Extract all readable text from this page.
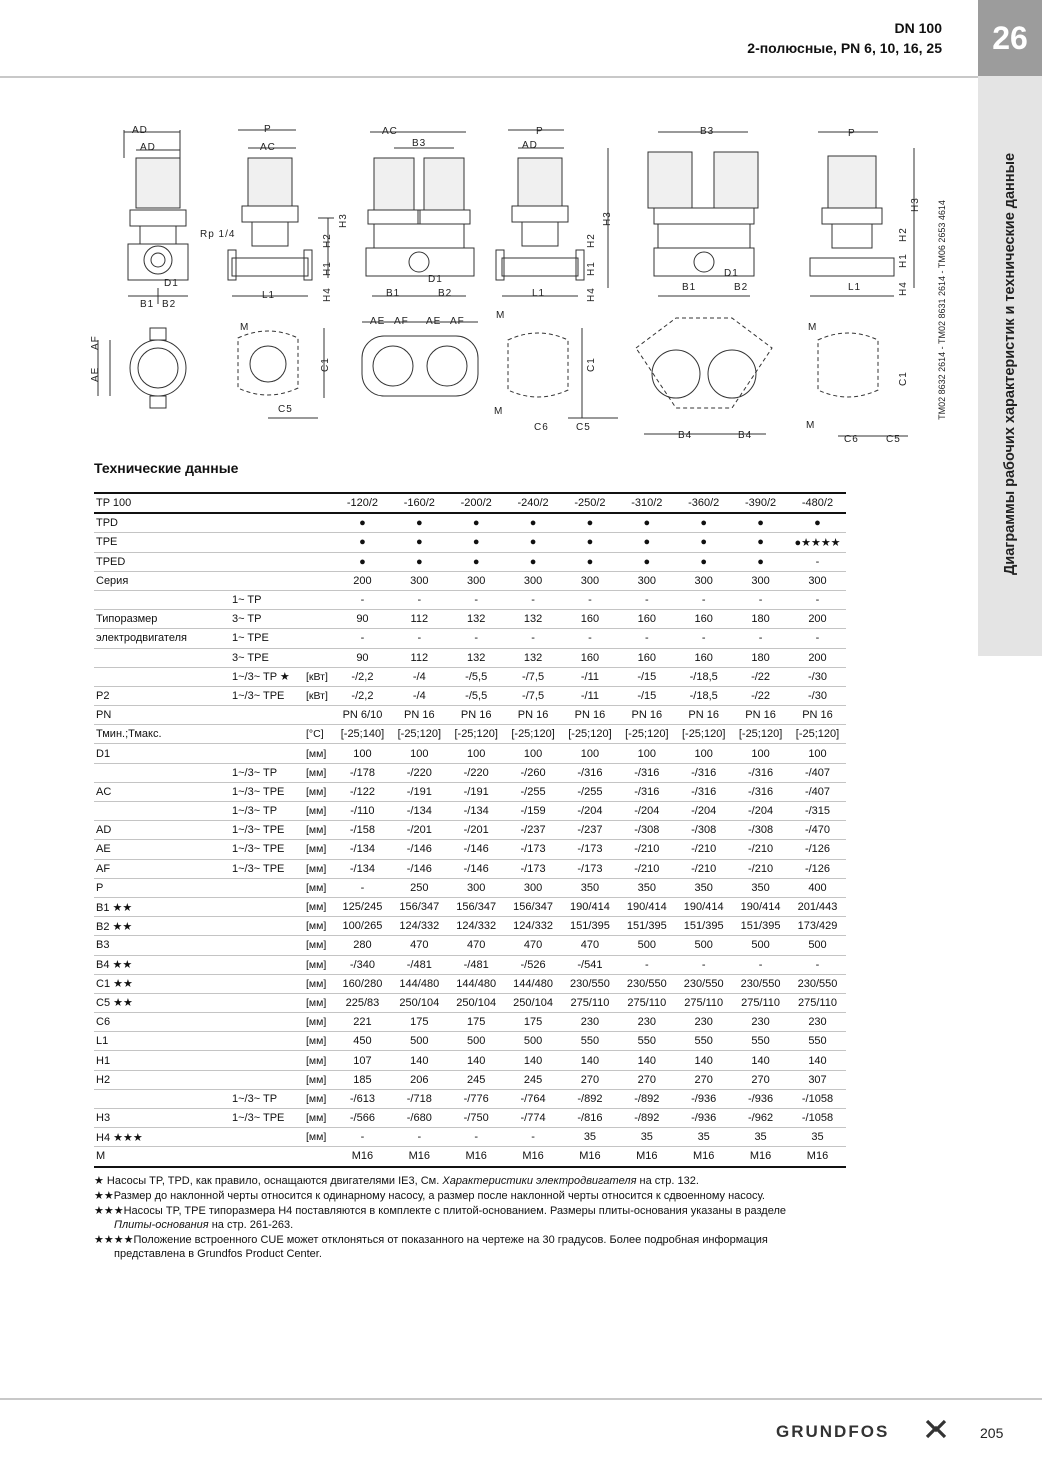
DN 100
2-полюсные, PN 6, 10, 16, 25	26
Диаграммы рабочих характеристик и технические данные
TM02 8632 2614 - TM02 8631 2614 - TM06 2653 4614
AD
AD
D1
B1 B2
AE
AF
P
AC
Rp 1/4
L1
H2
H1
H4
H3
M
C1
C5
AC
B3
D1
B1	B2
AE AF AE AF
P
AD
L1
H2
H1
H4
H3
M
M
C1
C6	C5
B3
D1
B1	B2
B4	B4
P
L1
H2
H1
H4
H3
M
M
C1
C6	C5
Технические данные
TP 100			-120/2	-160/2	-200/2	-240/2	-250/2	-310/2	-360/2	-390/2	-480/2
TPD			●	●	●	●	●	●	●	●	●
TPE			●	●	●	●	●	●	●	●	●★★★★
TPED			●	●	●	●	●	●	●	●	-
Серия			200	300	300	300	300	300	300	300	300
	1~ TP		-	-	-	-	-	-	-	-	-
Типоразмер	3~ TP		90	112	132	132	160	160	160	180	200
электродвигателя	1~ TPE		-	-	-	-	-	-	-	-	-
	3~ TPE		90	112	132	132	160	160	160	180	200
	1~/3~ TP ★	[кВт]	-/2,2	-/4	-/5,5	-/7,5	-/11	-/15	-/18,5	-/22	-/30
P2	1~/3~ TPE	[кВт]	-/2,2	-/4	-/5,5	-/7,5	-/11	-/15	-/18,5	-/22	-/30
PN			PN 6/10	PN 16	PN 16	PN 16	PN 16	PN 16	PN 16	PN 16	PN 16
Тмин.;Тмакс.		[°C]	[-25;140]	[-25;120]	[-25;120]	[-25;120]	[-25;120]	[-25;120]	[-25;120]	[-25;120]	[-25;120]
D1		[мм]	100	100	100	100	100	100	100	100	100
	1~/3~ TP	[мм]	-/178	-/220	-/220	-/260	-/316	-/316	-/316	-/316	-/407
AC	1~/3~ TPE	[мм]	-/122	-/191	-/191	-/255	-/255	-/316	-/316	-/316	-/407
	1~/3~ TP	[мм]	-/110	-/134	-/134	-/159	-/204	-/204	-/204	-/204	-/315
AD	1~/3~ TPE	[мм]	-/158	-/201	-/201	-/237	-/237	-/308	-/308	-/308	-/470
AE	1~/3~ TPE	[мм]	-/134	-/146	-/146	-/173	-/173	-/210	-/210	-/210	-/126
AF	1~/3~ TPE	[мм]	-/134	-/146	-/146	-/173	-/173	-/210	-/210	-/210	-/126
P		[мм]	-	250	300	300	350	350	350	350	400
B1 ★★		[мм]	125/245	156/347	156/347	156/347	190/414	190/414	190/414	190/414	201/443
B2 ★★		[мм]	100/265	124/332	124/332	124/332	151/395	151/395	151/395	151/395	173/429
B3		[мм]	280	470	470	470	470	500	500	500	500
B4 ★★		[мм]	-/340	-/481	-/481	-/526	-/541	-	-	-	-
C1 ★★		[мм]	160/280	144/480	144/480	144/480	230/550	230/550	230/550	230/550	230/550
C5 ★★		[мм]	225/83	250/104	250/104	250/104	275/110	275/110	275/110	275/110	275/110
C6		[мм]	221	175	175	175	230	230	230	230	230
L1		[мм]	450	500	500	500	550	550	550	550	550
H1		[мм]	107	140	140	140	140	140	140	140	140
H2		[мм]	185	206	245	245	270	270	270	270	307
	1~/3~ TP	[мм]	-/613	-/718	-/776	-/764	-/892	-/892	-/936	-/936	-/1058
H3	1~/3~ TPE	[мм]	-/566	-/680	-/750	-/774	-/816	-/892	-/936	-/962	-/1058
H4 ★★★		[мм]	-	-	-	-	35	35	35	35	35
M			M16	M16	M16	M16	M16	M16	M16	M16	M16

★ Насосы TP, TPD, как правило, оснащаются двигателями IE3, См. Характеристики электродвигателя на стр. 132.

★★Размер до наклонной черты относится к одинарному насосу, а размер после наклонной черты относится к сдвоенному насосу.

★★★Насосы TP, TPE типоразмера H4 поставляются в комплекте с плитой-основанием. Размеры плиты-основания указаны в разделе
Плиты-основания на стр. 261-263.

★★★★Положение встроенного CUE может отклоняться от показанного на чертеже на 30 градусов. Более подробная информация
представлена в Grundfos Product Center.

GRUNDFOS	205
